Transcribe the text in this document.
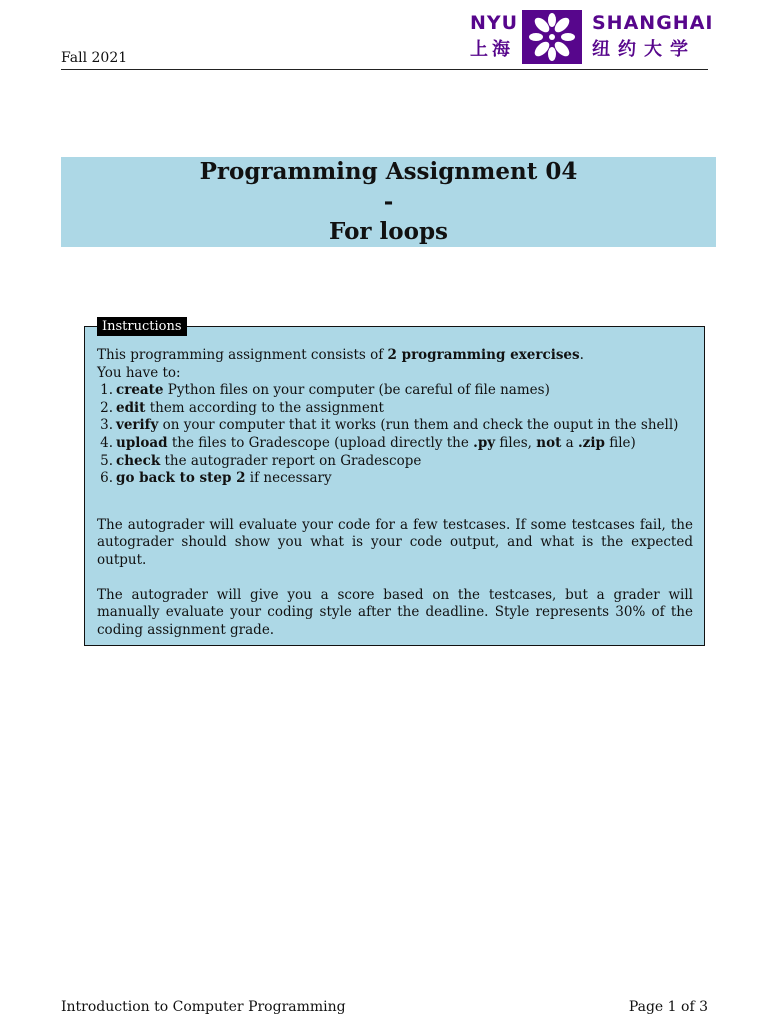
Fall 2021
NYU
上海
SHANGHAI
纽约大学
Programming Assignment 04
-
For loops

This programming assignment consists of 2 programming exercises.

You have to:

1. create Python files on your computer (be careful of file names)
2. edit them according to the assignment
3. verify on your computer that it works (run them and check the ouput in the shell)
4. upload the files to Gradescope (upload directly the .py files, not a .zip file)
5. check the autograder report on Gradescope
6. go back to step 2 if necessary

The autograder will evaluate your code for a few testcases. If some testcases fail, the autograder should show you what is your code output, and what is the expected output.

The autograder will give you a score based on the testcases, but a grader will manually evaluate your coding style after the deadline. Style represents 30% of the coding assignment grade.

Instructions
Introduction to Computer Programming	Page 1 of 3
